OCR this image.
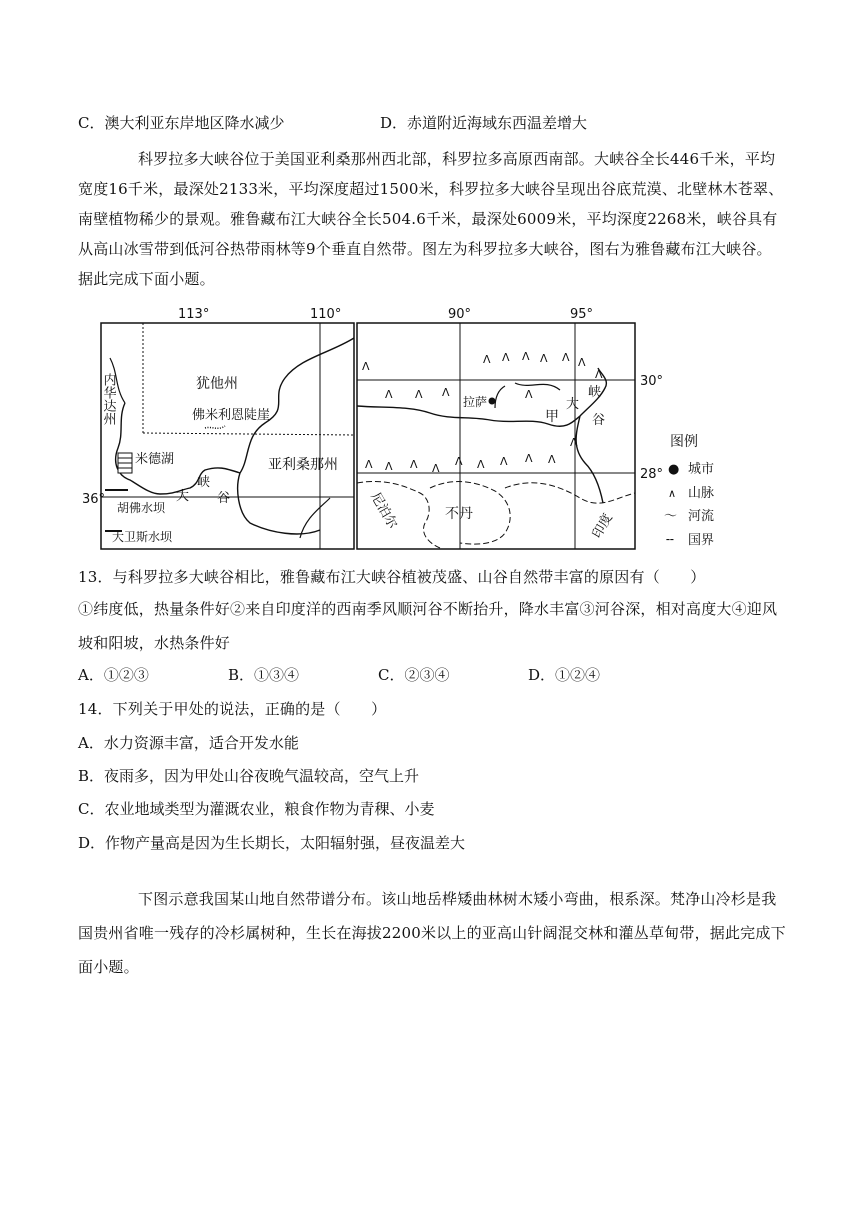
C．澳大利亚东岸地区降水减少	D．赤道附近海域东西温差增大
科罗拉多大峡谷位于美国亚利桑那州西北部，科罗拉多高原西南部。大峡谷全长446千米，平均
宽度16千米，最深处2133米，平均深度超过1500米，科罗拉多大峡谷呈现出谷底荒漠、北壁林木苍翠、
南壁植物稀少的景观。雅鲁藏布江大峡谷全长504.6千米，最深处6009米，平均深度2268米，峡谷具有
从高山冰雪带到低河谷热带雨林等9个垂直自然带。图左为科罗拉多大峡谷，图右为雅鲁藏布江大峡谷。
据此完成下面小题。
113°	110°
内华达州	犹他州
亚利桑那州
佛米利恩陡崖
米德湖
胡佛水坝
大卫斯水坝
36°	大
峡
谷
90°	95°
30°
28°
Λ Λ Λ Λ Λ Λ
Λ
Λ
Λ Λ Λ	Λ
Λ Λ Λ Λ
Λ Λ Λ Λ Λ
Λ
拉萨
甲
大
峡
谷
尼泊尔	不丹	印度
图例
● 城市
∧ 山脉
〜 河流
╌ 国界
13．与科罗拉多大峡谷相比，雅鲁藏布江大峡谷植被茂盛、山谷自然带丰富的原因有（　　）
①纬度低，热量条件好②来自印度洋的西南季风顺河谷不断抬升，降水丰富③河谷深，相对高度大④迎风
坡和阳坡，水热条件好
A．①②③	B．①③④	C．②③④	D．①②④
14．下列关于甲处的说法，正确的是（　　）
A．水力资源丰富，适合开发水能
B．夜雨多，因为甲处山谷夜晚气温较高，空气上升
C．农业地域类型为灌溉农业，粮食作物为青稞、小麦
D．作物产量高是因为生长期长，太阳辐射强，昼夜温差大
下图示意我国某山地自然带谱分布。该山地岳桦矮曲林树木矮小弯曲，根系深。梵净山冷杉是我
国贵州省唯一残存的冷杉属树种，生长在海拔2200米以上的亚高山针阔混交林和灌丛草甸带，据此完成下
面小题。
